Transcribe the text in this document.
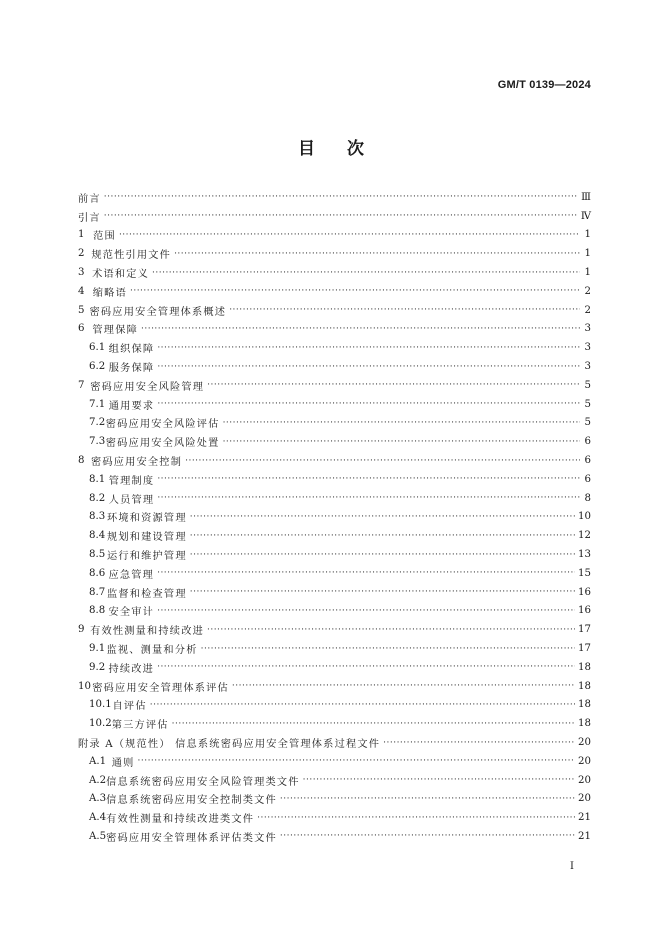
GM/T 0139—2024
目次
前言 ·····	Ⅲ
引言 ·····	Ⅳ
1 范围 ·····	1
2 规范性引用文件 ·····	1
3 术语和定义 ·····	1
4 缩略语 ·····	2
5 密码应用安全管理体系概述 ·····	2
6 管理保障 ·····	3
6.1 组织保障 ·····	3
6.2 服务保障 ·····	3
7 密码应用安全风险管理 ·····	5
7.1 通用要求 ·····	5
7.2 密码应用安全风险评估 ·····	5
7.3 密码应用安全风险处置 ·····	6
8 密码应用安全控制 ·····	6
8.1 管理制度 ·····	6
8.2 人员管理 ·····	8
8.3 环境和资源管理 ·····	10
8.4 规划和建设管理 ·····	12
8.5 运行和维护管理 ·····	13
8.6 应急管理 ·····	15
8.7 监督和检查管理 ·····	16
8.8 安全审计 ·····	16
9 有效性测量和持续改进 ·····	17
9.1 监视、测量和分析 ·····	17
9.2 持续改进 ·····	18
10 密码应用安全管理体系评估 ·····	18
10.1 自评估 ·····	18
10.2 第三方评估 ·····	18
附录 A（规范性） 信息系统密码应用安全管理体系过程文件 ·····	20
A.1 通则 ·····	20
A.2 信息系统密码应用安全风险管理类文件 ·····	20
A.3 信息系统密码应用安全控制类文件 ·····	20
A.4 有效性测量和持续改进类文件 ·····	21
A.5 密码应用安全管理体系评估类文件 ·····	21
I
